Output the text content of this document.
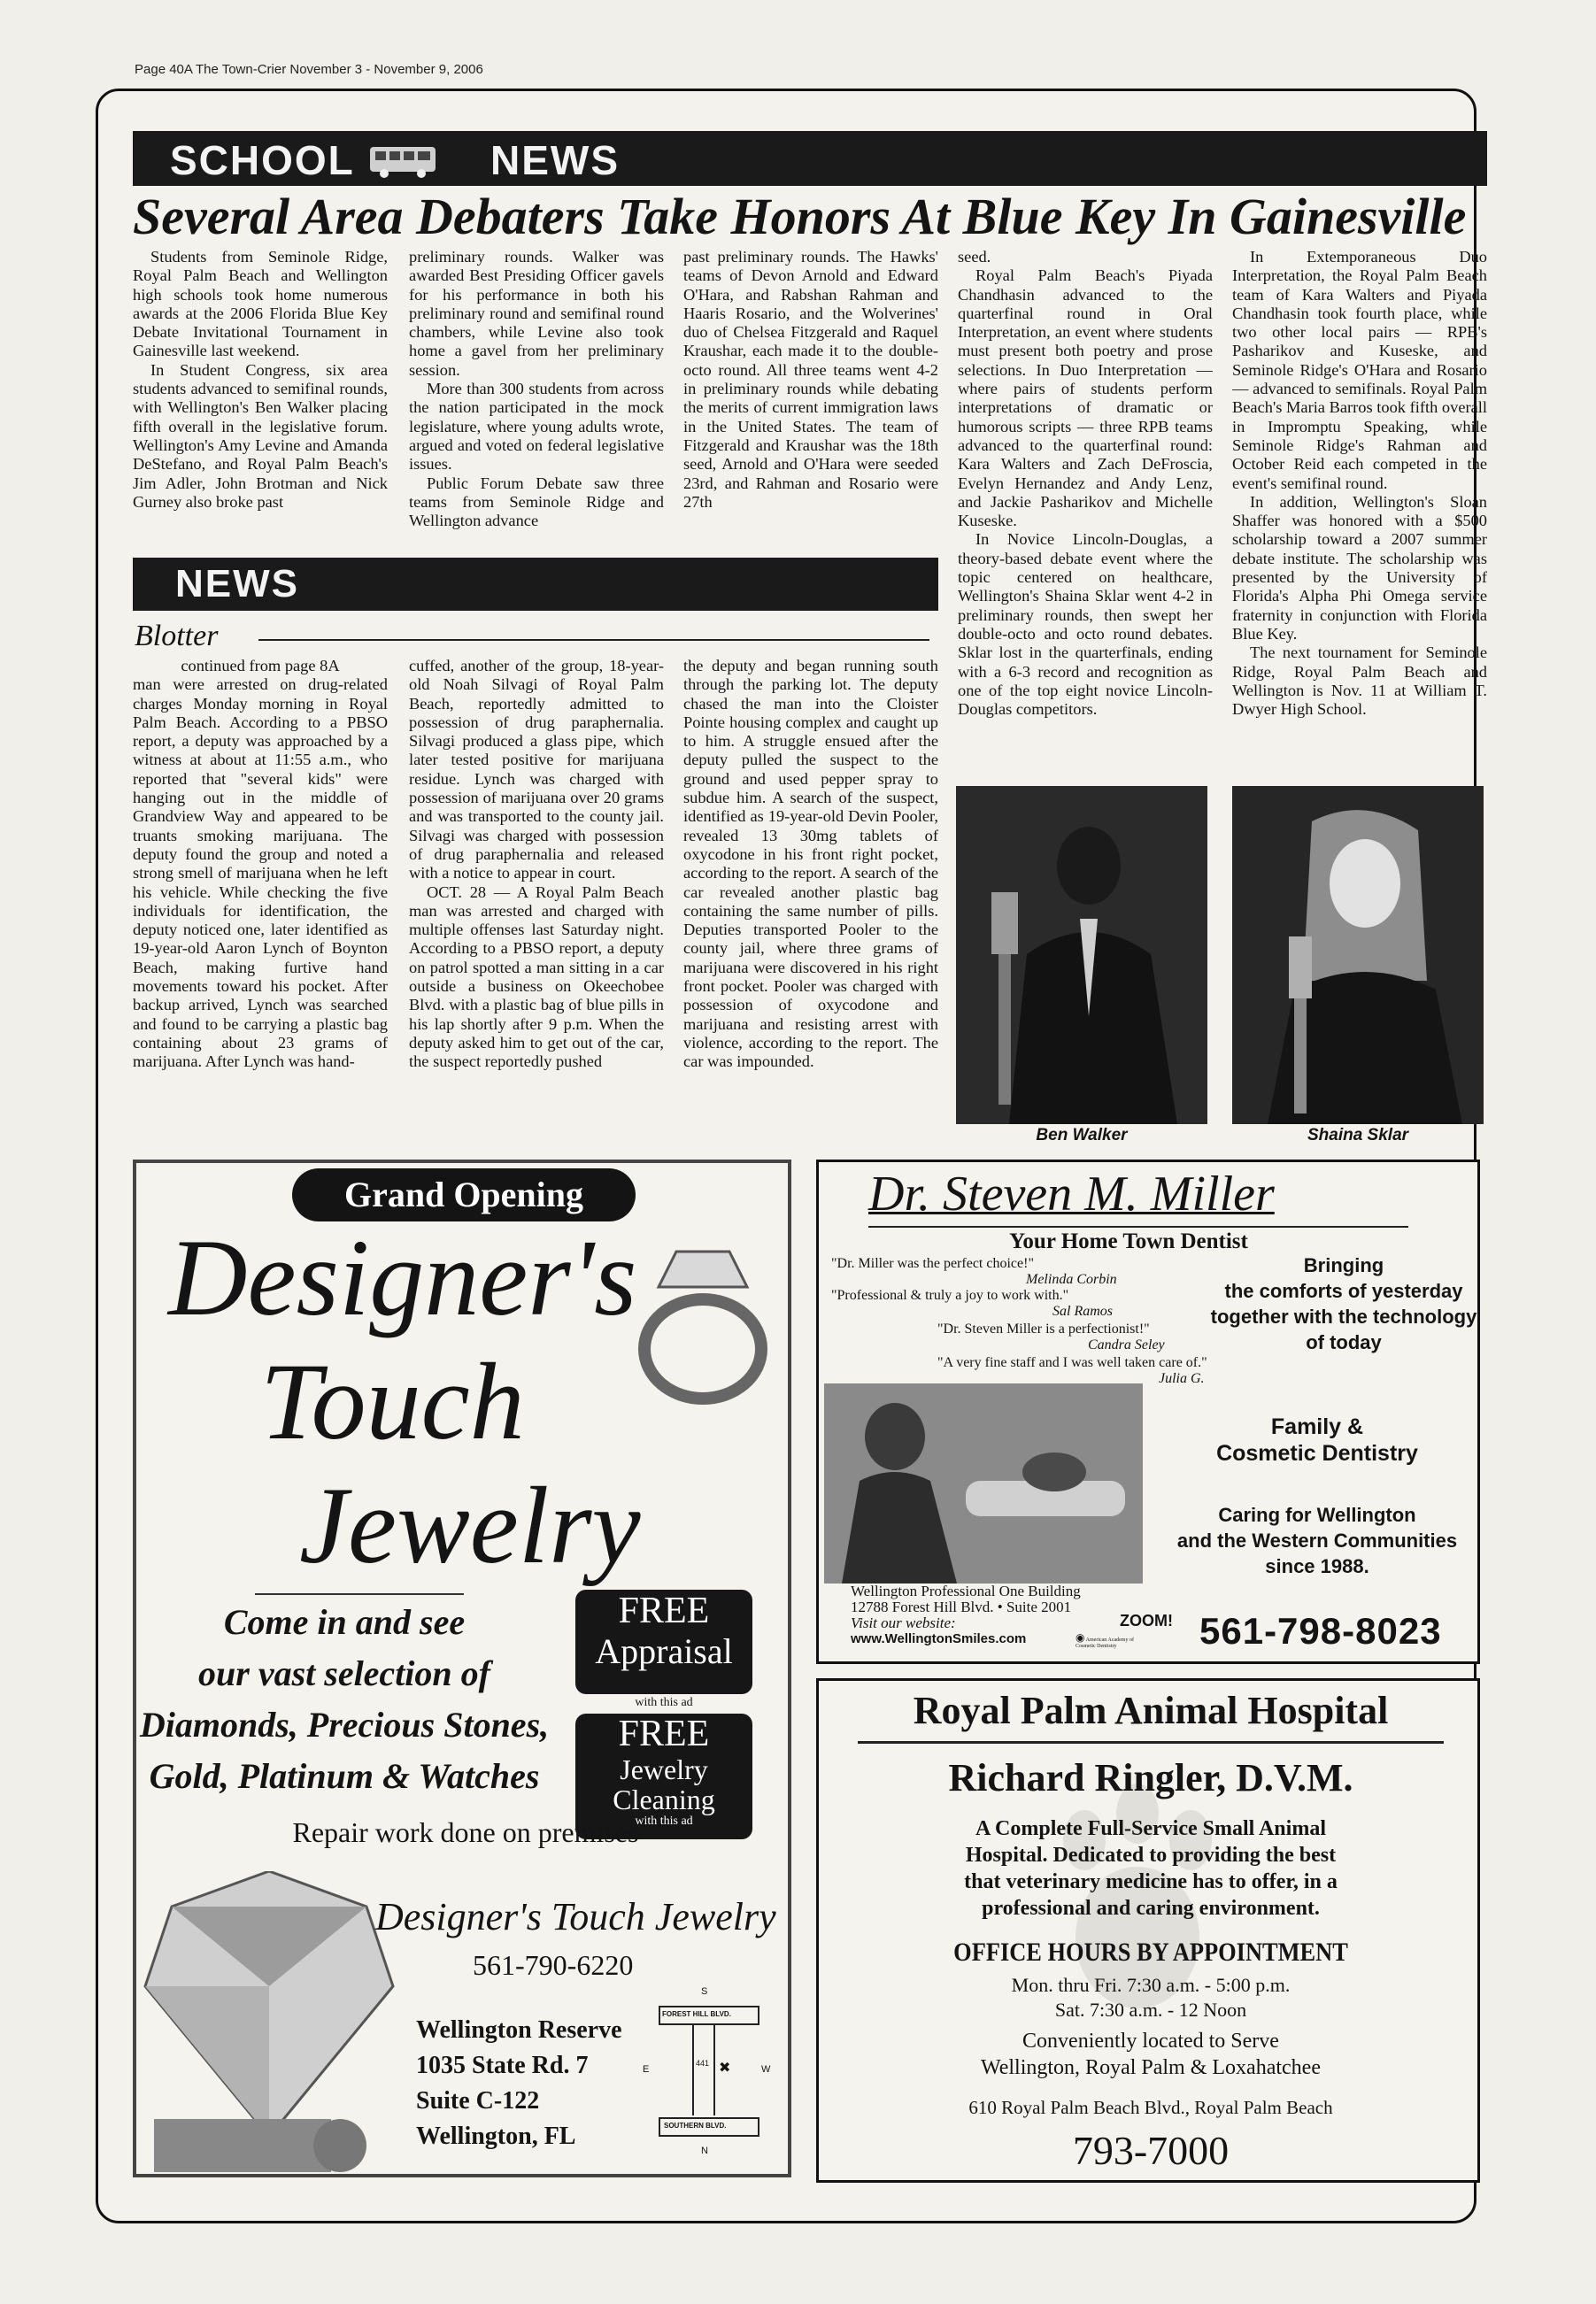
Page 40A The Town-Crier November 3 - November 9, 2006
SCHOOL	NEWS
Several Area Debaters Take Honors At Blue Key In Gainesville

Students from Seminole Ridge, Royal Palm Beach and Wellington high schools took home numerous awards at the 2006 Florida Blue Key Debate Invitational Tournament in Gainesville last weekend.

In Student Congress, six area students advanced to semifinal rounds, with Wellington's Ben Walker placing fifth overall in the legislative forum. Wellington's Amy Levine and Amanda DeStefano, and Royal Palm Beach's Jim Adler, John Brotman and Nick Gurney also broke past

preliminary rounds. Walker was awarded Best Presiding Officer gavels for his performance in both his preliminary round and semifinal round chambers, while Levine also took home a gavel from her preliminary session.

More than 300 students from across the nation participated in the mock legislature, where young adults wrote, argued and voted on federal legislative issues.

Public Forum Debate saw three teams from Seminole Ridge and Wellington advance

past preliminary rounds. The Hawks' teams of Devon Arnold and Edward O'Hara, and Rabshan Rahman and Haaris Rosario, and the Wolverines' duo of Chelsea Fitzgerald and Raquel Kraushar, each made it to the double-octo round. All three teams went 4-2 in preliminary rounds while debating the merits of current immigration laws in the United States. The team of Fitzgerald and Kraushar was the 18th seed, Arnold and O'Hara were seeded 23rd, and Rahman and Rosario were 27th

seed.

Royal Palm Beach's Piyada Chandhasin advanced to the quarterfinal round in Oral Interpretation, an event where students must present both poetry and prose selections. In Duo Interpretation — where pairs of students perform interpretations of dramatic or humorous scripts — three RPB teams advanced to the quarterfinal round: Kara Walters and Zach DeFroscia, Evelyn Hernandez and Andy Lenz, and Jackie Pasharikov and Michelle Kuseske.

In Novice Lincoln-Douglas, a theory-based debate event where the topic centered on healthcare, Wellington's Shaina Sklar went 4-2 in preliminary rounds, then swept her double-octo and octo round debates. Sklar lost in the quarterfinals, ending with a 6-3 record and recognition as one of the top eight novice Lincoln-Douglas competitors.

In Extemporaneous Duo Interpretation, the Royal Palm Beach team of Kara Walters and Piyada Chandhasin took fourth place, while two other local pairs — RPB's Pasharikov and Kuseske, and Seminole Ridge's O'Hara and Rosario — advanced to semifinals. Royal Palm Beach's Maria Barros took fifth overall in Impromptu Speaking, while Seminole Ridge's Rahman and October Reid each competed in the event's semifinal round.

In addition, Wellington's Sloan Shaffer was honored with a $500 scholarship toward a 2007 summer debate institute. The scholarship was presented by the University of Florida's Alpha Phi Omega service fraternity in conjunction with Florida Blue Key.

The next tournament for Seminole Ridge, Royal Palm Beach and Wellington is Nov. 11 at William T. Dwyer High School.

NEWS
Blotter

continued from page 8A

man were arrested on drug-related charges Monday morning in Royal Palm Beach. According to a PBSO report, a deputy was approached by a witness at about at 11:55 a.m., who reported that "several kids" were hanging out in the middle of Grandview Way and appeared to be truants smoking marijuana. The deputy found the group and noted a strong smell of marijuana when he left his vehicle. While checking the five individuals for identification, the deputy noticed one, later identified as 19-year-old Aaron Lynch of Boynton Beach, making furtive hand movements toward his pocket. After backup arrived, Lynch was searched and found to be carrying a plastic bag containing about 23 grams of marijuana. After Lynch was hand-

cuffed, another of the group, 18-year-old Noah Silvagi of Royal Palm Beach, reportedly admitted to possession of drug paraphernalia. Silvagi produced a glass pipe, which later tested positive for marijuana residue. Lynch was charged with possession of marijuana over 20 grams and was transported to the county jail. Silvagi was charged with possession of drug paraphernalia and released with a notice to appear in court.

OCT. 28 — A Royal Palm Beach man was arrested and charged with multiple offenses last Saturday night. According to a PBSO report, a deputy on patrol spotted a man sitting in a car outside a business on Okeechobee Blvd. with a plastic bag of blue pills in his lap shortly after 9 p.m. When the deputy asked him to get out of the car, the suspect reportedly pushed

the deputy and began running south through the parking lot. The deputy chased the man into the Cloister Pointe housing complex and caught up to him. A struggle ensued after the deputy pulled the suspect to the ground and used pepper spray to subdue him. A search of the suspect, identified as 19-year-old Devin Pooler, revealed 13 30mg tablets of oxycodone in his front right pocket, according to the report. A search of the car revealed another plastic bag containing the same number of pills. Deputies transported Pooler to the county jail, where three grams of marijuana were discovered in his right front pocket. Pooler was charged with possession of oxycodone and marijuana and resisting arrest with violence, according to the report. The car was impounded.

Ben Walker	Shaina Sklar
Grand Opening
Designer's
Touch
Jewelry
Come in and see
our vast selection of
Diamonds, Precious Stones,
Gold, Platinum & Watches
FREE
Appraisal
with this ad
FREE
Jewelry
Cleaning
with this ad
Repair work done on premises
Designer's Touch Jewelry
561-790-6220
Wellington Reserve
1035 State Rd. 7
Suite C-122
Wellington, FL
S
FOREST HILL BLVD.
441
E	W
✖
SOUTHERN BLVD.
N
Dr. Steven M. Miller
Your Home Town Dentist
"Dr. Miller was the perfect choice!"
Melinda Corbin
"Professional & truly a joy to work with."
Sal Ramos
"Dr. Steven Miller is a perfectionist!"
Candra Seley
"A very fine staff and I was well taken care of."
Julia G.
Bringing
the comforts of yesterday
together with the technology
of today
Family &
Cosmetic Dentistry
Caring for Wellington
and the Western Communities
since 1988.
Wellington Professional One Building
12788 Forest Hill Blvd. • Suite 2001
Visit our website:
www.WellingtonSmiles.com
ZOOM!
◉ American Academy of Cosmetic Dentistry	561-798-8023
Royal Palm Animal Hospital
Richard Ringler, D.V.M.
A Complete Full-Service Small Animal
Hospital. Dedicated to providing the best
that veterinary medicine has to offer, in a
professional and caring environment.
OFFICE HOURS BY APPOINTMENT
Mon. thru Fri. 7:30 a.m. - 5:00 p.m.
Sat. 7:30 a.m. - 12 Noon
Conveniently located to Serve
Wellington, Royal Palm & Loxahatchee
610 Royal Palm Beach Blvd., Royal Palm Beach
793-7000
